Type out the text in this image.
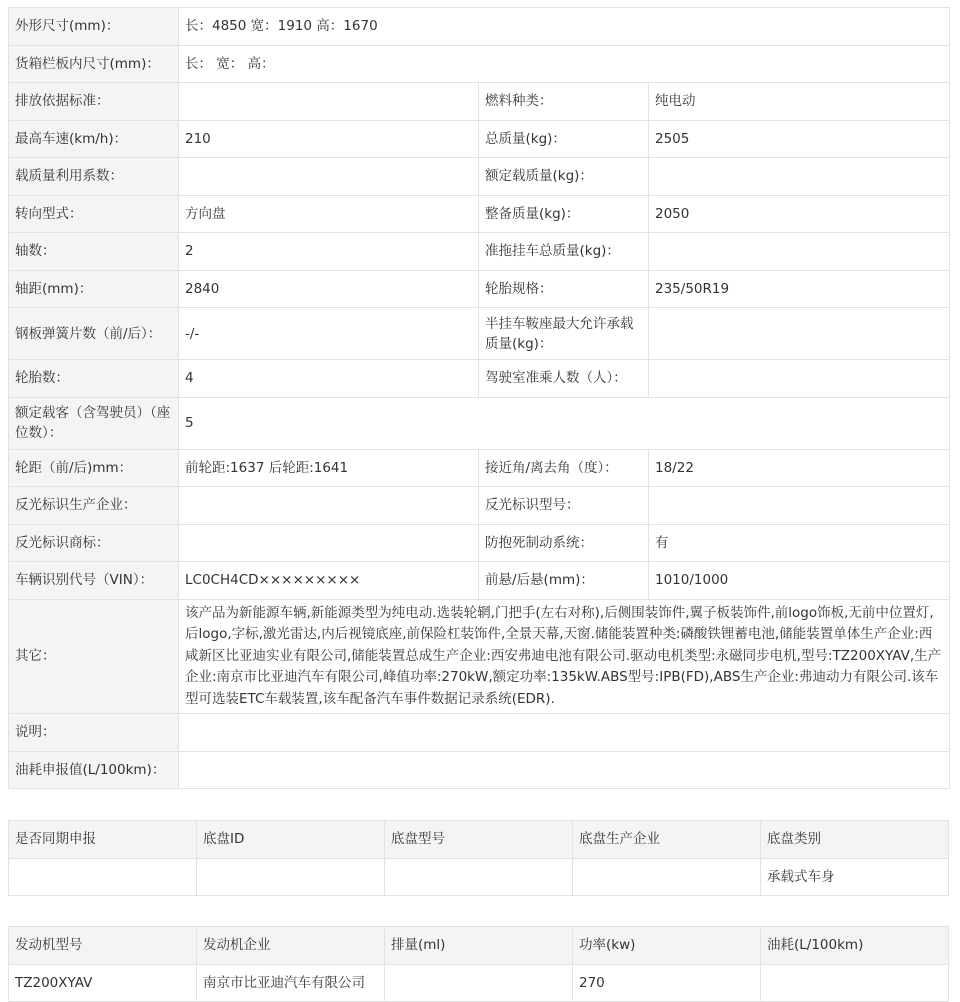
外形尺寸(mm)：	长：4850 宽：1910 高：1670		
货箱栏板内尺寸(mm)：	长： 宽： 高：		
排放依据标准：		燃料种类：	纯电动
最高车速(km/h)：	210	总质量(kg)：	2505
载质量利用系数：		额定载质量(kg)：	
转向型式：	方向盘	整备质量(kg)：	2050
轴数：	2	准拖挂车总质量(kg)：	
轴距(mm)：	2840	轮胎规格：	235/50R19
钢板弹簧片数（前/后）：	-/-	半挂车鞍座最大允许承载质量(kg)：	
轮胎数：	4	驾驶室准乘人数（人）：	
额定载客（含驾驶员）（座位数）：	5		
轮距（前/后)mm：	前轮距:1637 后轮距:1641	接近角/离去角（度）：	18/22
反光标识生产企业：		反光标识型号：	
反光标识商标：		防抱死制动系统：	有
车辆识别代号（VIN）：	LC0CH4CD×××××××××	前悬/后悬(mm)：	1010/1000
其它：	该产品为新能源车辆,新能源类型为纯电动.选装轮辋,门把手(左右对称),后侧围装饰件,翼子板装饰件,前logo饰板,无前中位置灯,后logo,字标,激光雷达,内后视镜底座,前保险杠装饰件,全景天幕,天窗.储能装置种类:磷酸铁锂蓄电池,储能装置单体生产企业:西咸新区比亚迪实业有限公司,储能装置总成生产企业:西安弗迪电池有限公司.驱动电机类型:永磁同步电机,型号:TZ200XYAV,生产企业:南京市比亚迪汽车有限公司,峰值功率:270kW,额定功率:135kW.ABS型号:IPB(FD),ABS生产企业:弗迪动力有限公司.该车型可选装ETC车载装置,该车配备汽车事件数据记录系统(EDR).		
说明：			
油耗申报值(L/100km)：			
是否同期申报	底盘ID	底盘型号	底盘生产企业	底盘类别
				承载式车身
发动机型号	发动机企业	排量(ml)	功率(kw)	油耗(L/100km)
TZ200XYAV	南京市比亚迪汽车有限公司		270	
